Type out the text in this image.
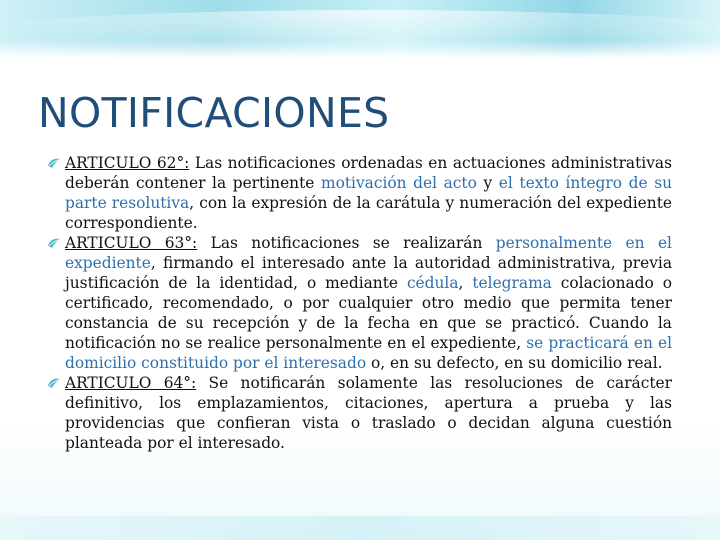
NOTIFICACIONES
ARTICULO 62°: Las notificaciones ordenadas en actuaciones administrativas deberán contener la pertinente motivación del acto y el texto íntegro de su parte resolutiva, con la expresión de la carátula y numeración del expediente correspondiente.
ARTICULO 63°: Las notificaciones se realizarán personalmente en el expediente, firmando el interesado ante la autoridad administrativa, previa justificación de la identidad, o mediante cédula, telegrama colacionado o certificado, recomendado, o por cualquier otro medio que permita tener constancia de su recepción y de la fecha en que se practicó. Cuando la notificación no se realice personalmente en el expediente, se practicará en el domicilio constituido por el interesado o, en su defecto, en su domicilio real.
ARTICULO 64°: Se notificarán solamente las resoluciones de carácter definitivo, los emplazamientos, citaciones, apertura a prueba y las providencias que confieran vista o traslado o decidan alguna cuestión planteada por el interesado.
